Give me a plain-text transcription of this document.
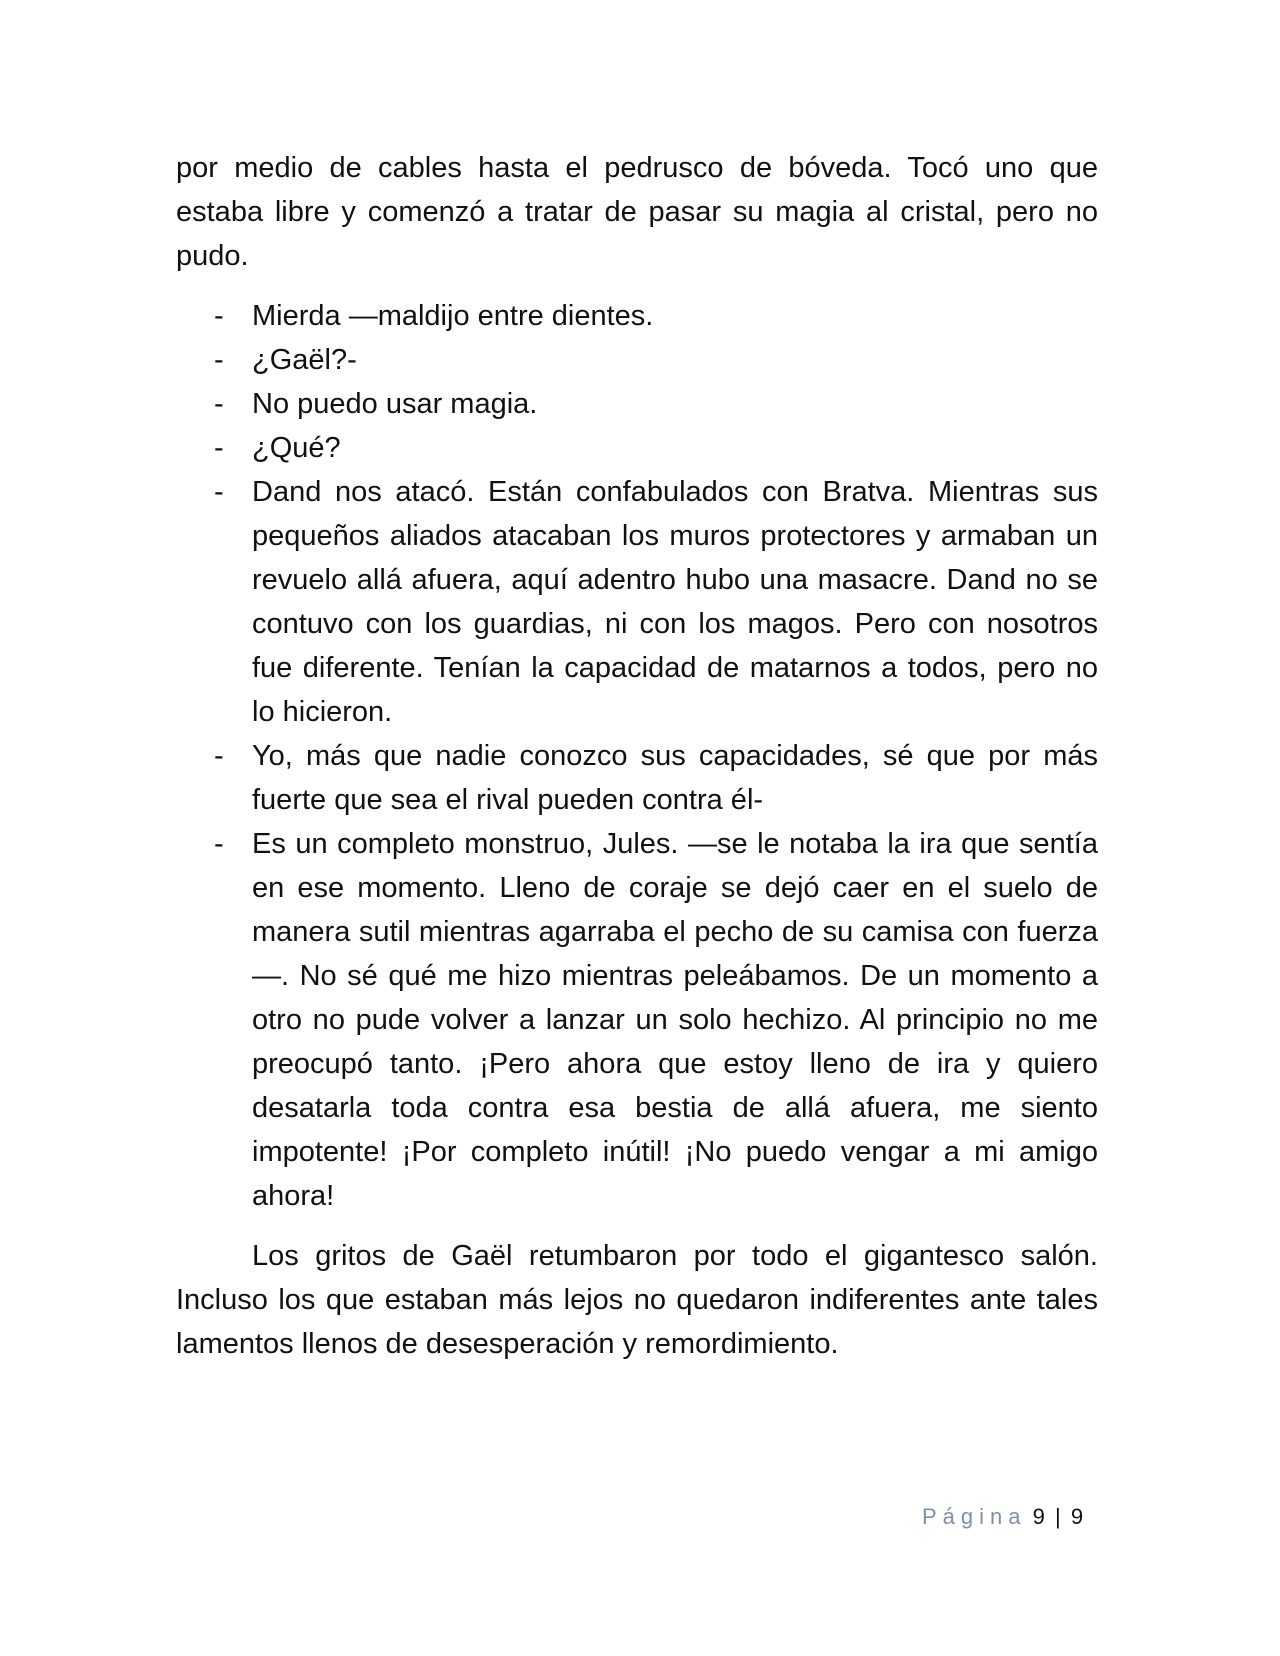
por medio de cables hasta el pedrusco de bóveda. Tocó uno que estaba libre y comenzó a tratar de pasar su magia al cristal, pero no pudo.

- Mierda —maldijo entre dientes.
- ¿Gaël?-
- No puedo usar magia.
- ¿Qué?
- Dand nos atacó. Están confabulados con Bratva. Mientras sus pequeños aliados atacaban los muros protectores y armaban un revuelo allá afuera, aquí adentro hubo una masacre. Dand no se contuvo con los guardias, ni con los magos. Pero con nosotros fue diferente. Tenían la capacidad de matarnos a todos, pero no lo hicieron.
- Yo, más que nadie conozco sus capacidades, sé que por más fuerte que sea el rival pueden contra él-
- Es un completo monstruo, Jules. —se le notaba la ira que sentía en ese momento. Lleno de coraje se dejó caer en el suelo de manera sutil mientras agarraba el pecho de su camisa con fuerza—. No sé qué me hizo mientras peleábamos. De un momento a otro no pude volver a lanzar un solo hechizo. Al principio no me preocupó tanto. ¡Pero ahora que estoy lleno de ira y quiero desatarla toda contra esa bestia de allá afuera, me siento impotente! ¡Por completo inútil! ¡No puedo vengar a mi amigo ahora!

Los gritos de Gaël retumbaron por todo el gigantesco salón. Incluso los que estaban más lejos no quedaron indiferentes ante tales lamentos llenos de desesperación y remordimiento.

Página 9 | 9
